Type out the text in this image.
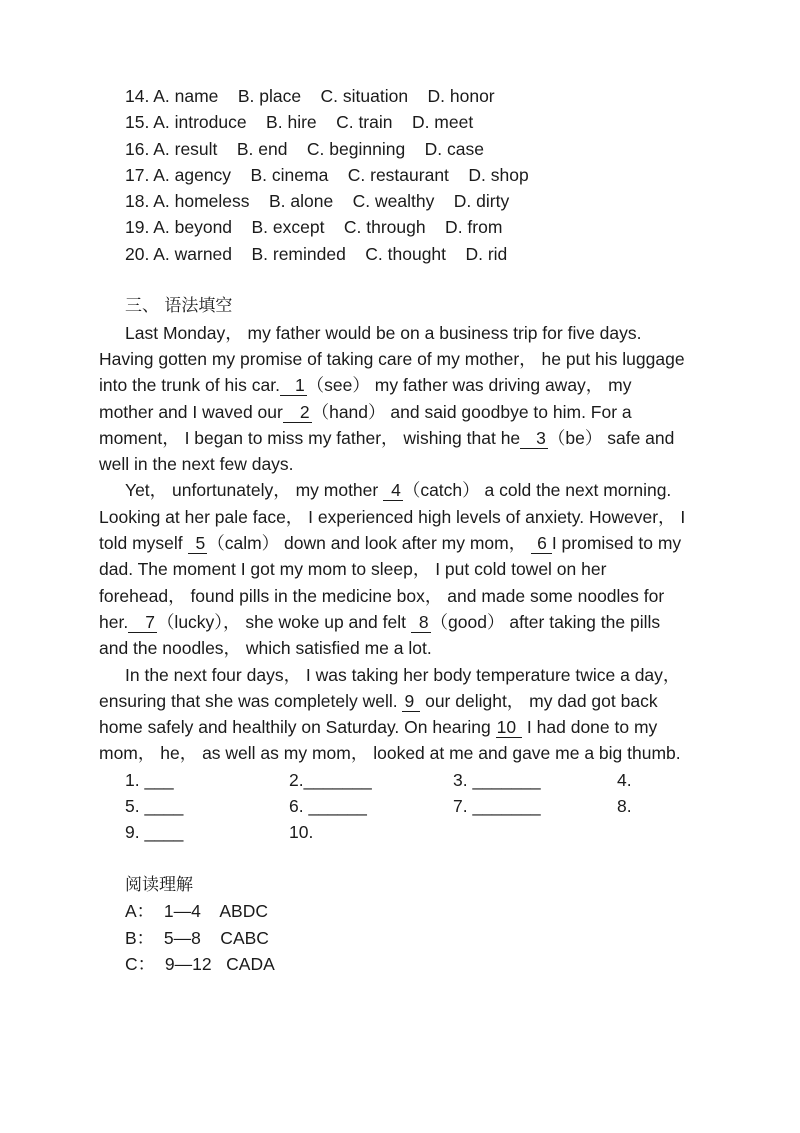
14. A. name    B. place    C. situation    D. honor
15. A. introduce    B. hire    C. train    D. meet
16. A. result    B. end    C. beginning    D. case
17. A. agency    B. cinema    C. restaurant    D. shop
18. A. homeless    B. alone    C. wealthy    D. dirty
19. A. beyond    B. except    C. through    D. from
20. A. warned    B. reminded    C. thought    D. rid
三、 语法填空
Last Monday， my father would be on a business trip for five days.
Having gotten my promise of taking care of my mother， he put his luggage
into the trunk of his car. 1 （see） my father was driving away， my
mother and I waved our 2 （hand） and said goodbye to him. For a
moment， I began to miss my father， wishing that he 3 （be） safe and
well in the next few days.
Yet， unfortunately， my mother 4 （catch） a cold the next morning.
Looking at her pale face， I experienced high levels of anxiety. However， I
told myself 5 （calm） down and look after my mom， 6 I promised to my
dad. The moment I got my mom to sleep， I put cold towel on her
forehead， found pills in the medicine box， and made some noodles for
her. 7 （lucky）， she woke up and felt 8 （good） after taking the pills
and the noodles， which satisfied me a lot.
In the next four days， I was taking her body temperature twice a day，
ensuring that she was completely well. 9 our delight， my dad got back
home safely and healthily on Saturday. On hearing 10 I had done to my
mom， he， as well as my mom， looked at me and gave me a big thumb.
1. ___	2._______	3. _______	4.
5. ____	6. ______	7. _______	8.
9. ____	10.
阅读理解
A：  1—4    ABDC
B：  5—8    CABC
C：  9—12   CADA
